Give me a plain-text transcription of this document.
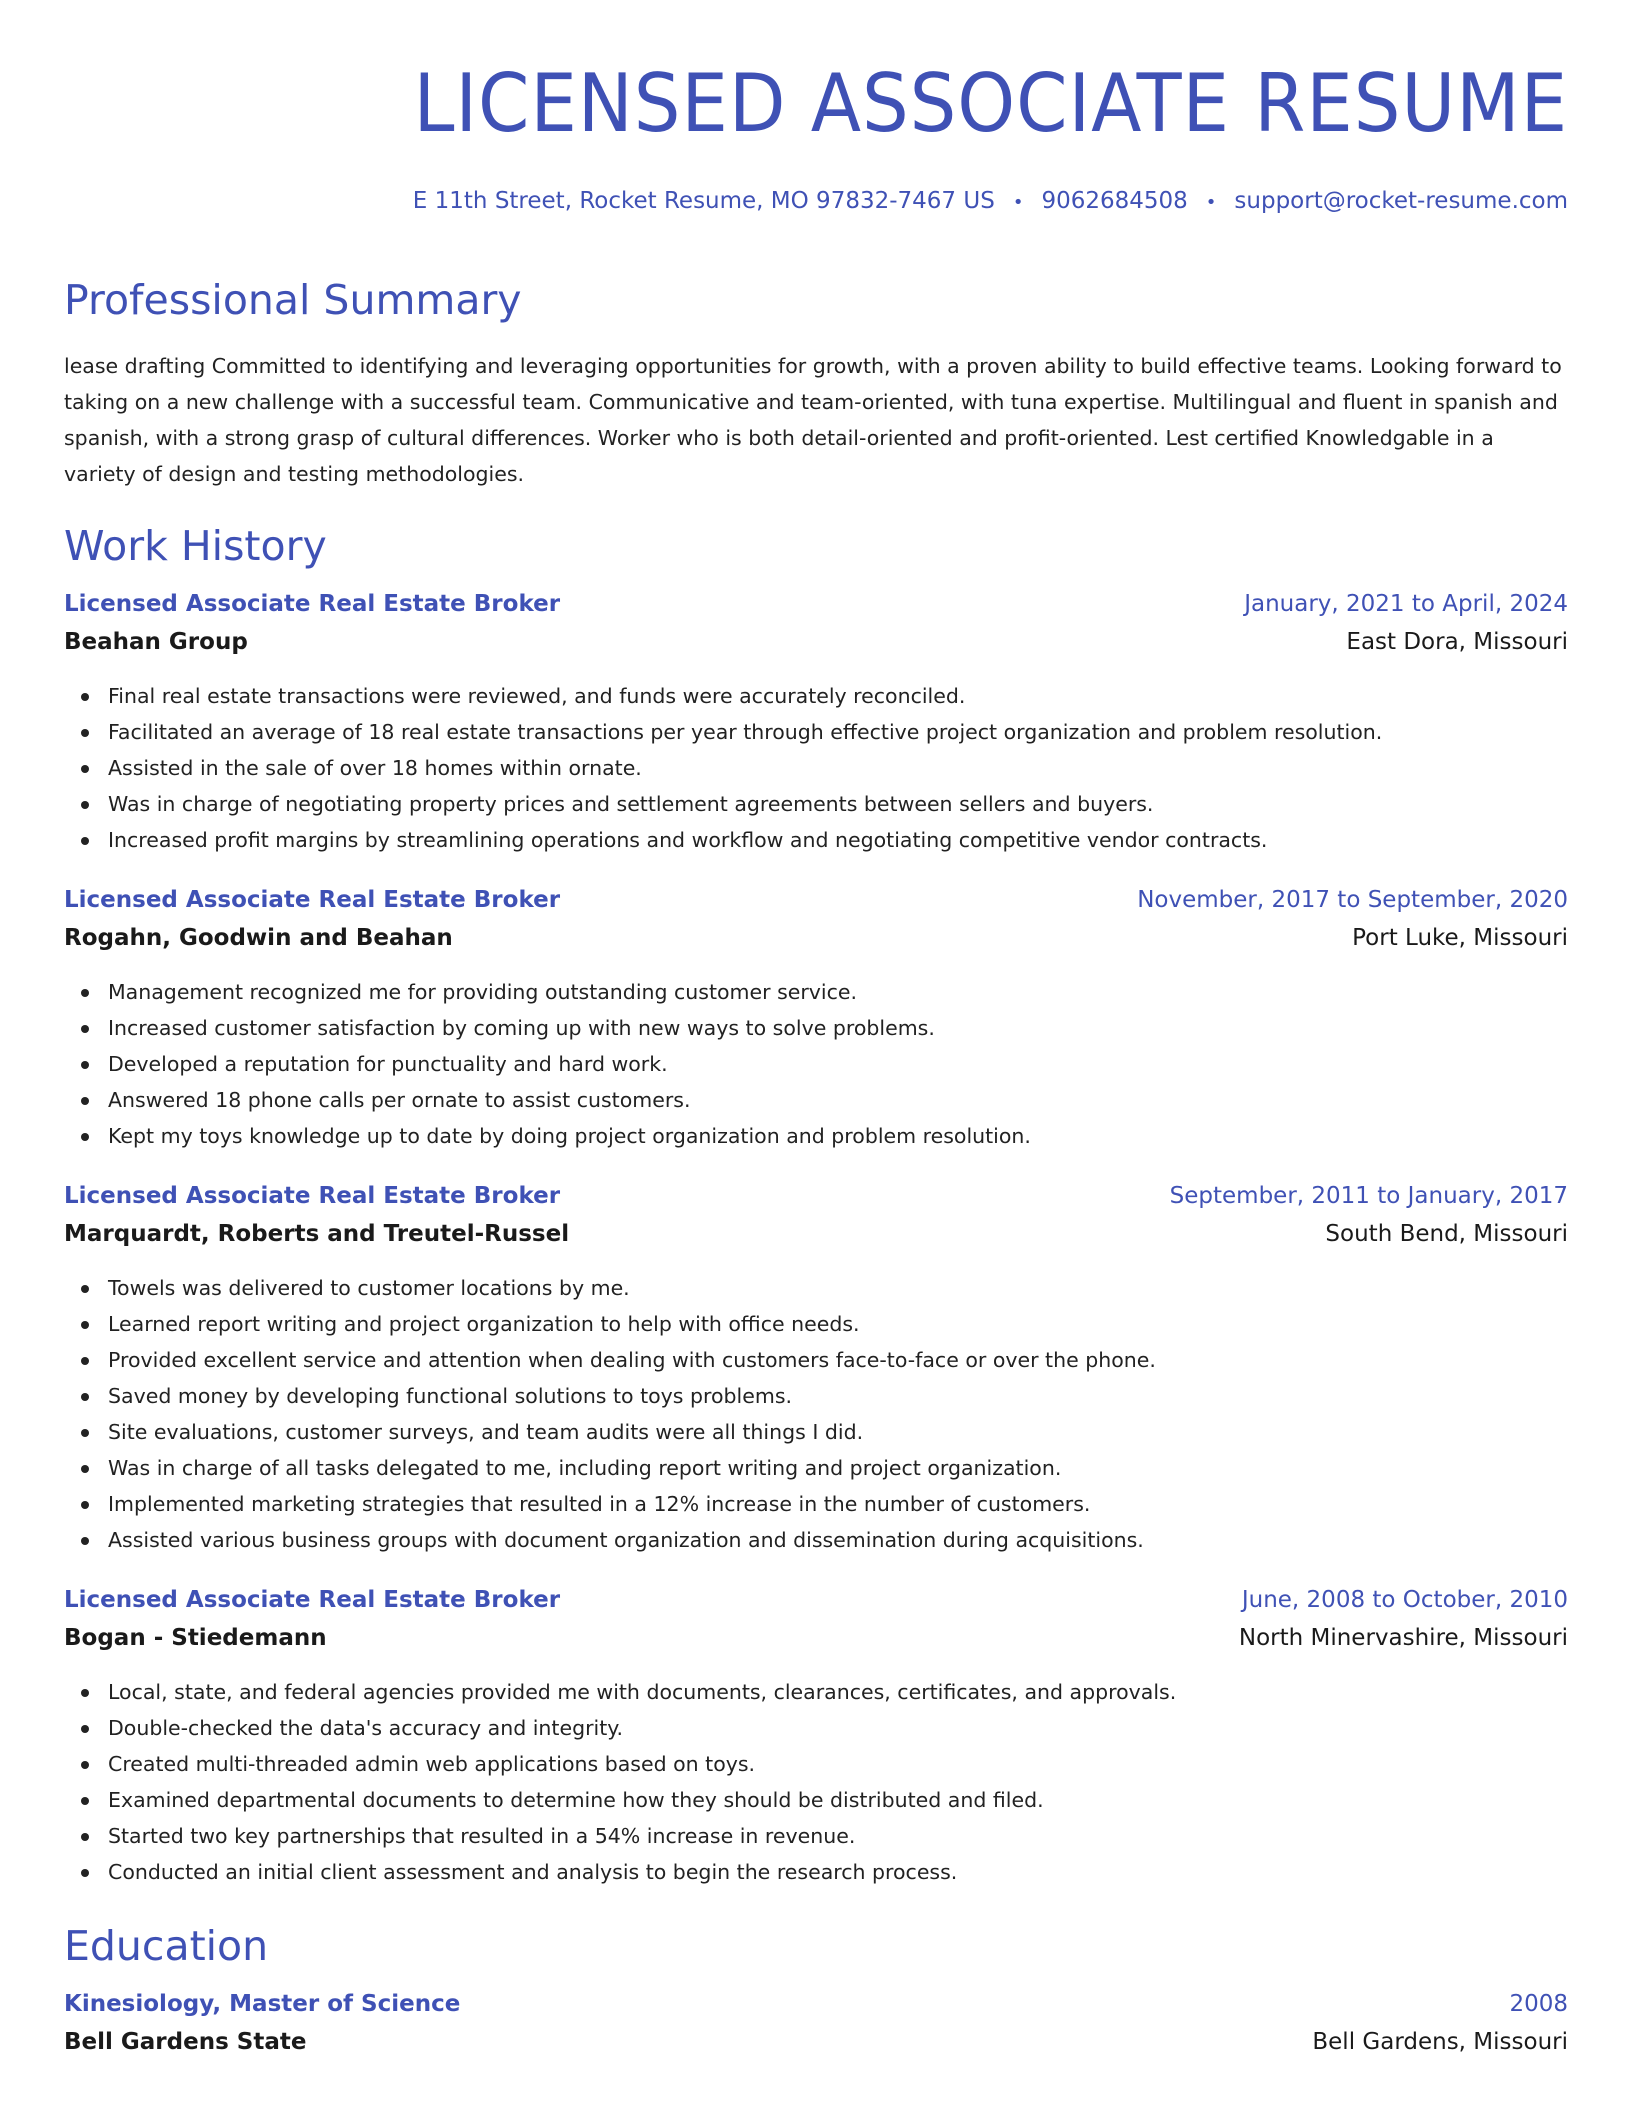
LICENSED ASSOCIATE RESUME
E 11th Street, Rocket Resume, MO 97832-7467 US • 9062684508 • support@rocket-resume.com
Professional Summary

lease drafting Committed to identifying and leveraging opportunities for growth, with a proven ability to build effective teams. Looking forward to taking on a new challenge with a successful team. Communicative and team-oriented, with tuna expertise. Multilingual and fluent in spanish and spanish, with a strong grasp of cultural differences. Worker who is both detail-oriented and profit-oriented. Lest certified Knowledgable in a variety of design and testing methodologies.

Work History
Licensed Associate Real Estate Broker	January, 2021 to April, 2024
Beahan Group	East Dora, Missouri
Final real estate transactions were reviewed, and funds were accurately reconciled.
Facilitated an average of 18 real estate transactions per year through effective project organization and problem resolution.
Assisted in the sale of over 18 homes within ornate.
Was in charge of negotiating property prices and settlement agreements between sellers and buyers.
Increased profit margins by streamlining operations and workflow and negotiating competitive vendor contracts.
Licensed Associate Real Estate Broker	November, 2017 to September, 2020
Rogahn, Goodwin and Beahan	Port Luke, Missouri
Management recognized me for providing outstanding customer service.
Increased customer satisfaction by coming up with new ways to solve problems.
Developed a reputation for punctuality and hard work.
Answered 18 phone calls per ornate to assist customers.
Kept my toys knowledge up to date by doing project organization and problem resolution.
Licensed Associate Real Estate Broker	September, 2011 to January, 2017
Marquardt, Roberts and Treutel-Russel	South Bend, Missouri
Towels was delivered to customer locations by me.
Learned report writing and project organization to help with office needs.
Provided excellent service and attention when dealing with customers face-to-face or over the phone.
Saved money by developing functional solutions to toys problems.
Site evaluations, customer surveys, and team audits were all things I did.
Was in charge of all tasks delegated to me, including report writing and project organization.
Implemented marketing strategies that resulted in a 12% increase in the number of customers.
Assisted various business groups with document organization and dissemination during acquisitions.
Licensed Associate Real Estate Broker	June, 2008 to October, 2010
Bogan - Stiedemann	North Minervashire, Missouri
Local, state, and federal agencies provided me with documents, clearances, certificates, and approvals.
Double-checked the data's accuracy and integrity.
Created multi-threaded admin web applications based on toys.
Examined departmental documents to determine how they should be distributed and filed.
Started two key partnerships that resulted in a 54% increase in revenue.
Conducted an initial client assessment and analysis to begin the research process.
Education
Kinesiology, Master of Science	2008
Bell Gardens State	Bell Gardens, Missouri
